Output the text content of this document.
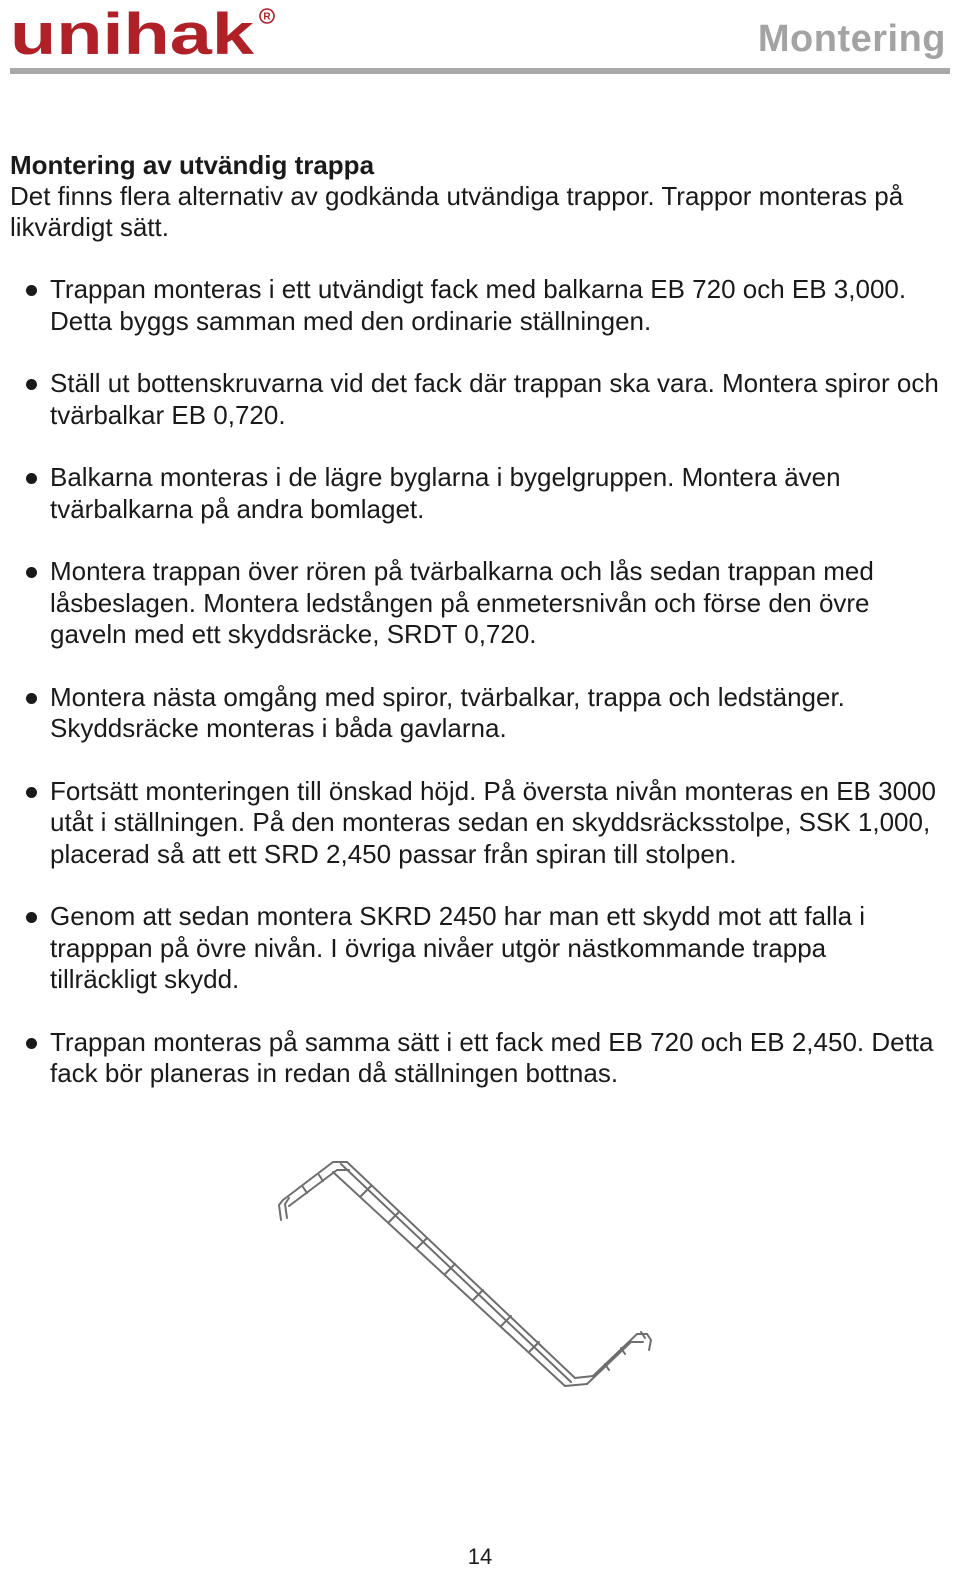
unihak R
Montering

Montering av utvändig trappa

Det finns flera alternativ av godkända utvändiga trappor. Trappor monteras på likvärdigt sätt.

Trappan monteras i ett utvändigt fack med balkarna EB 720 och EB 3,000. Detta byggs samman med den ordinarie ställningen.
Ställ ut bottenskruvarna vid det fack där trappan ska vara. Montera spiror och tvärbalkar EB 0,720.
Balkarna monteras i de lägre byglarna i bygelgruppen. Montera även tvärbalkarna på andra bomlaget.
Montera trappan över rören på tvärbalkarna och lås sedan trappan med låsbeslagen. Montera ledstången på enmetersnivån och förse den övre gaveln med ett skyddsräcke, SRDT 0,720.
Montera nästa omgång med spiror, tvärbalkar, trappa och ledstänger. Skyddsräcke monteras i båda gavlarna.
Fortsätt monteringen till önskad höjd. På översta nivån monteras en EB 3000 utåt i ställningen. På den monteras sedan en skyddsräcksstolpe, SSK 1,000, placerad så att ett SRD 2,450 passar från spiran till stolpen.
Genom att sedan montera SKRD 2450 har man ett skydd mot att falla i trapppan på övre nivån. I övriga nivåer utgör nästkommande trappa tillräckligt skydd.
Trappan monteras på samma sätt i ett fack med EB 720 och EB 2,450. Detta fack bör planeras in redan då ställningen bottnas.
14
